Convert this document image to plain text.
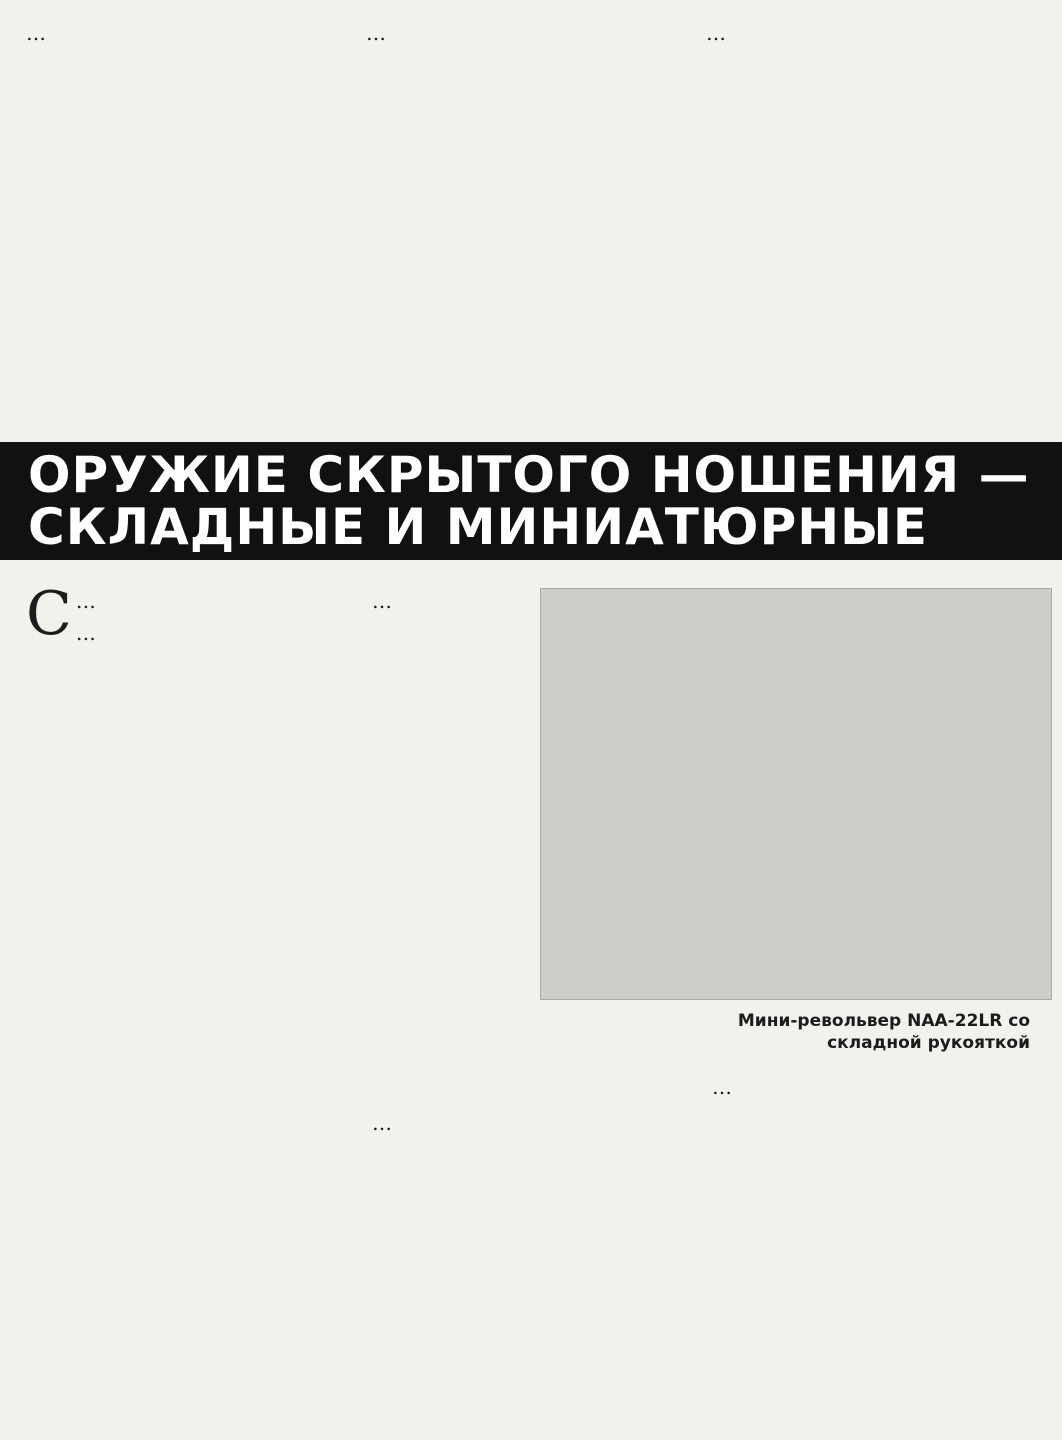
…	…	…

ОРУЖИЕ СКРЫТОГО НОШЕНИЯ —
СКЛАДНЫЕ И МИНИАТЮРНЫЕ

С …

…

…

Мини-револьвер NAA-22LR со складной рукояткой

…

…
